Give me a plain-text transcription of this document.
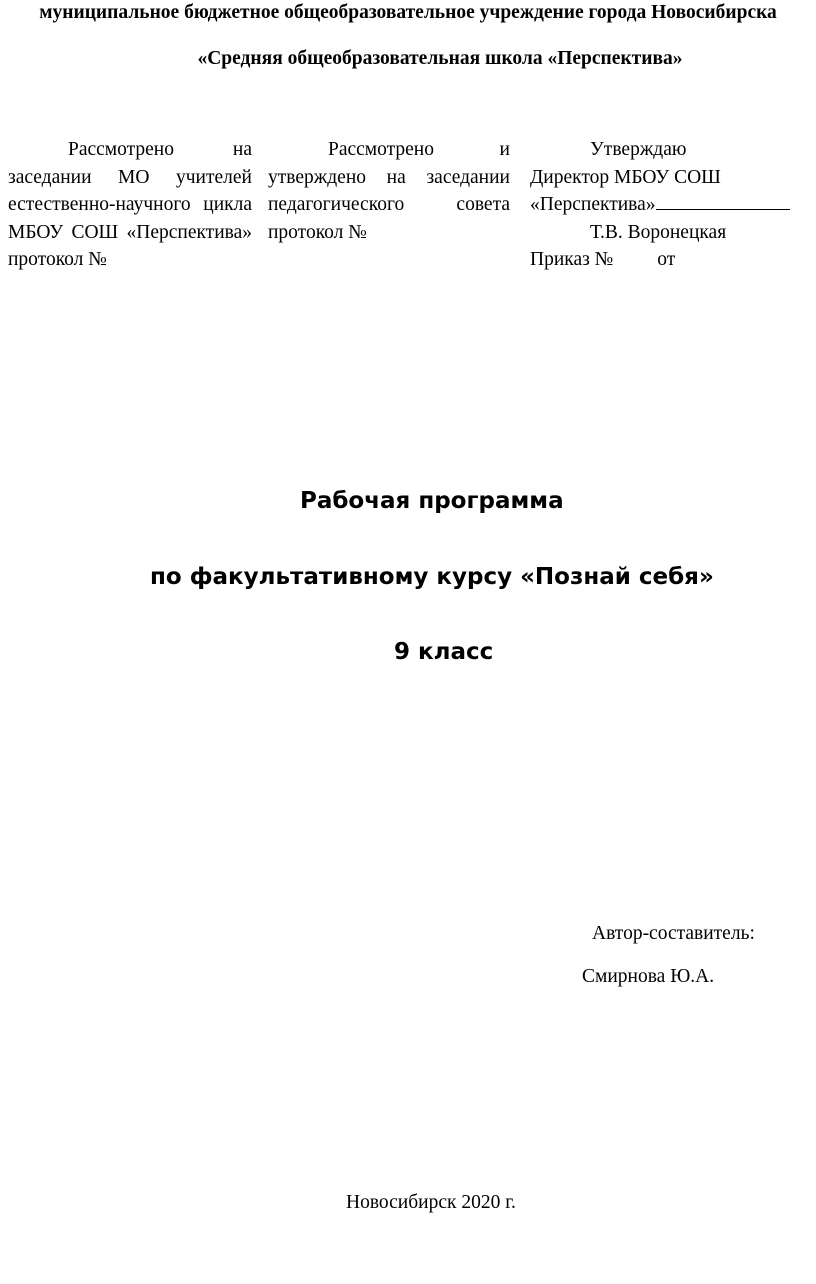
муниципальное бюджетное общеобразовательное учреждение города Новосибирска

«Средняя общеобразовательная школа «Перспектива»

Рассмотрено на заседании МО учителей естественно-научного цикла МБОУ СОШ «Перспектива» протокол №
Рассмотрено и утверждено на заседании педагогического совета протокол №
Утверждаю
Директор МБОУ СОШ
«Перспектива»
Т.В. Воронецкая
Приказ № от

Рабочая программа

по факультативному курсу «Познай себя»

9 класс

Автор-составитель:

Смирнова Ю.А.

Новосибирск 2020 г.
